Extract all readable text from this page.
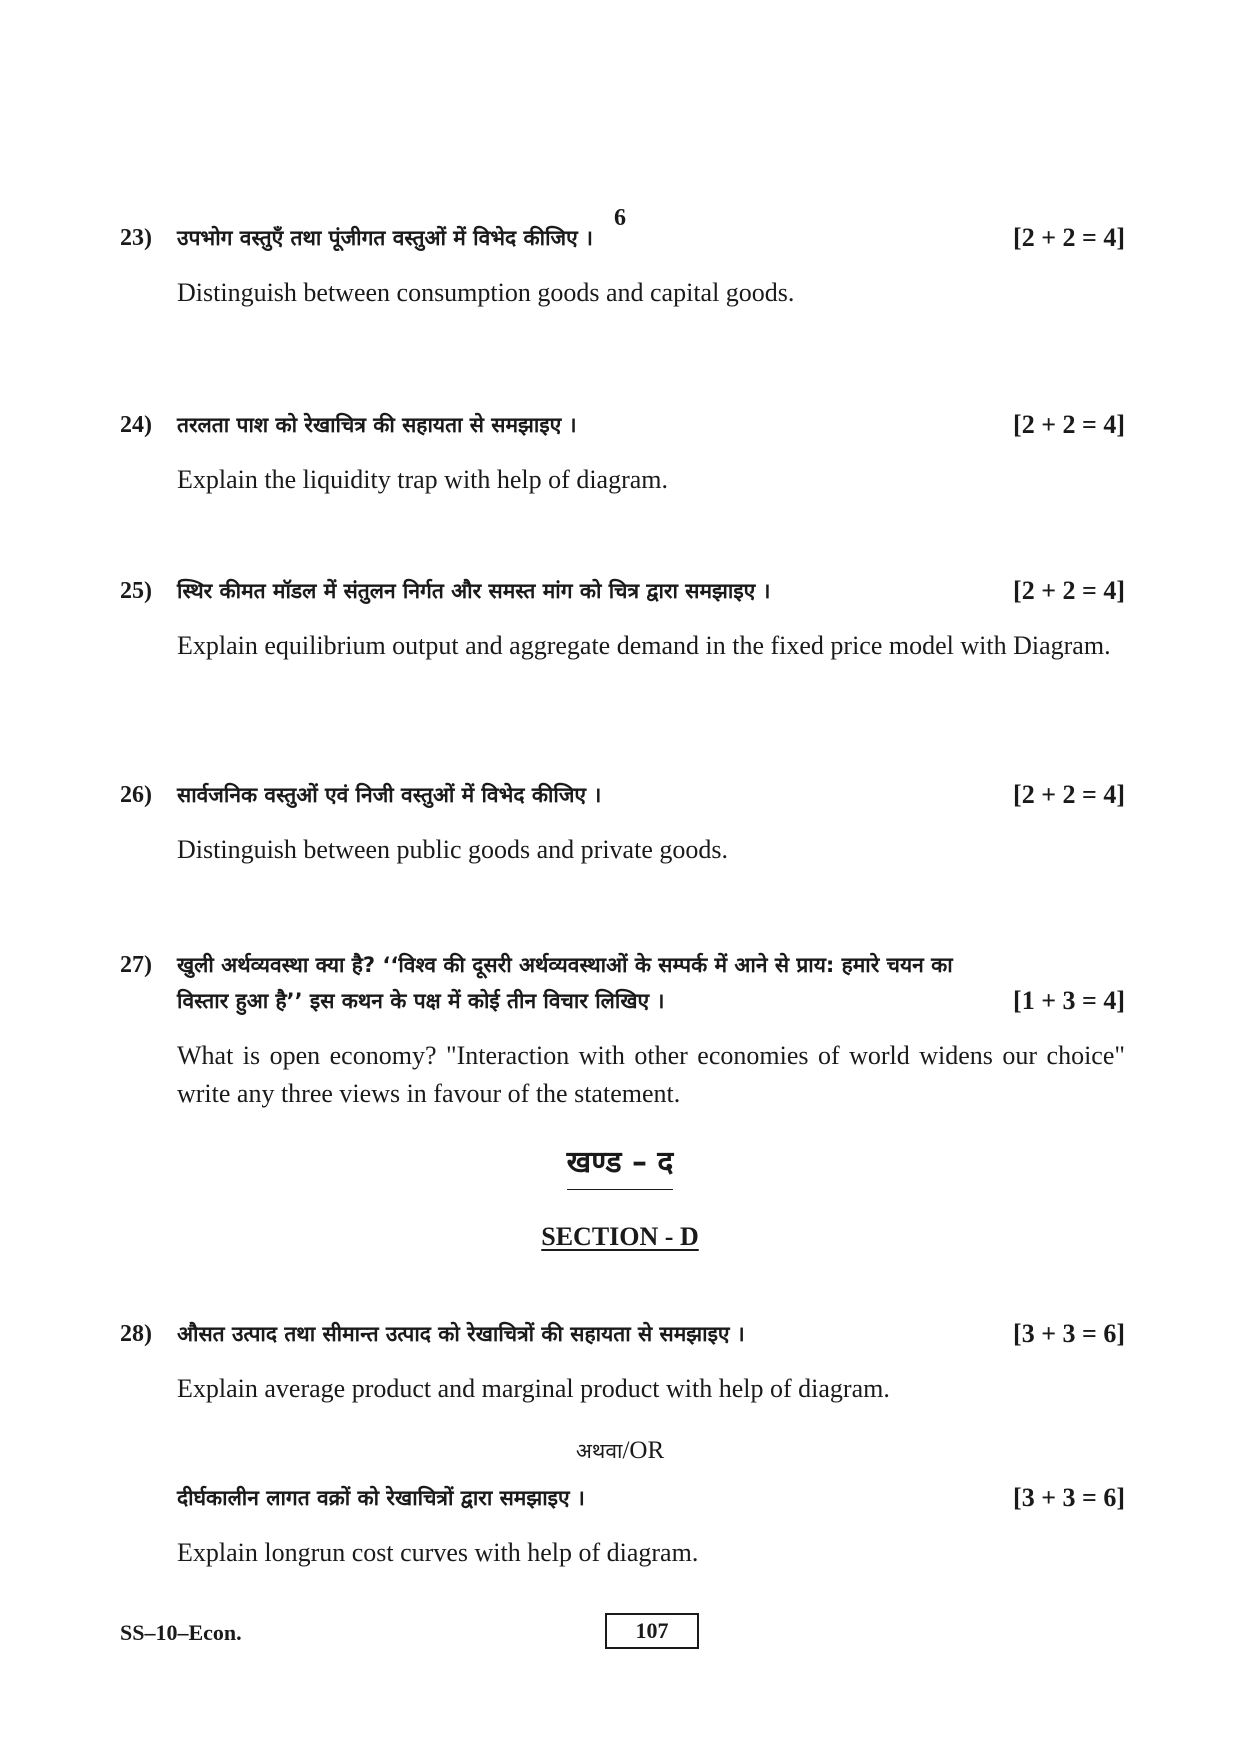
6
23)	उपभोग वस्तुएँ तथा पूंजीगत वस्तुओं में विभेद कीजिए ।	[2 + 2 = 4]
Distinguish between consumption goods and capital goods.
24)	तरलता पाश को रेखाचित्र की सहायता से समझाइए ।	[2 + 2 = 4]
Explain the liquidity trap with help of diagram.
25)	स्थिर कीमत मॉडल में संतुलन निर्गत और समस्त मांग को चित्र द्वारा समझाइए ।	[2 + 2 = 4]
Explain equilibrium output and aggregate demand in the fixed price model with Diagram.
26)	सार्वजनिक वस्तुओं एवं निजी वस्तुओं में विभेद कीजिए ।	[2 + 2 = 4]
Distinguish between public goods and private goods.
27)	खुली अर्थव्यवस्था क्या है? ‘‘विश्व की दूसरी अर्थव्यवस्थाओं के सम्पर्क में आने से प्राय: हमारे चयन का विस्तार हुआ है’’ इस कथन के पक्ष में कोई तीन विचार लिखिए ।	[1 + 3 = 4]
What is open economy? "Interaction with other economies of world widens our choice" write any three views in favour of the statement.
खण्ड – द
SECTION - D
28)	औसत उत्पाद तथा सीमान्त उत्पाद को रेखाचित्रों की सहायता से समझाइए ।	[3 + 3 = 6]
Explain average product and marginal product with help of diagram.
अथवा/OR
दीर्घकालीन लागत वक्रों को रेखाचित्रों द्वारा समझाइए ।	[3 + 3 = 6]
Explain longrun cost curves with help of diagram.
SS–10–Econ.	107
